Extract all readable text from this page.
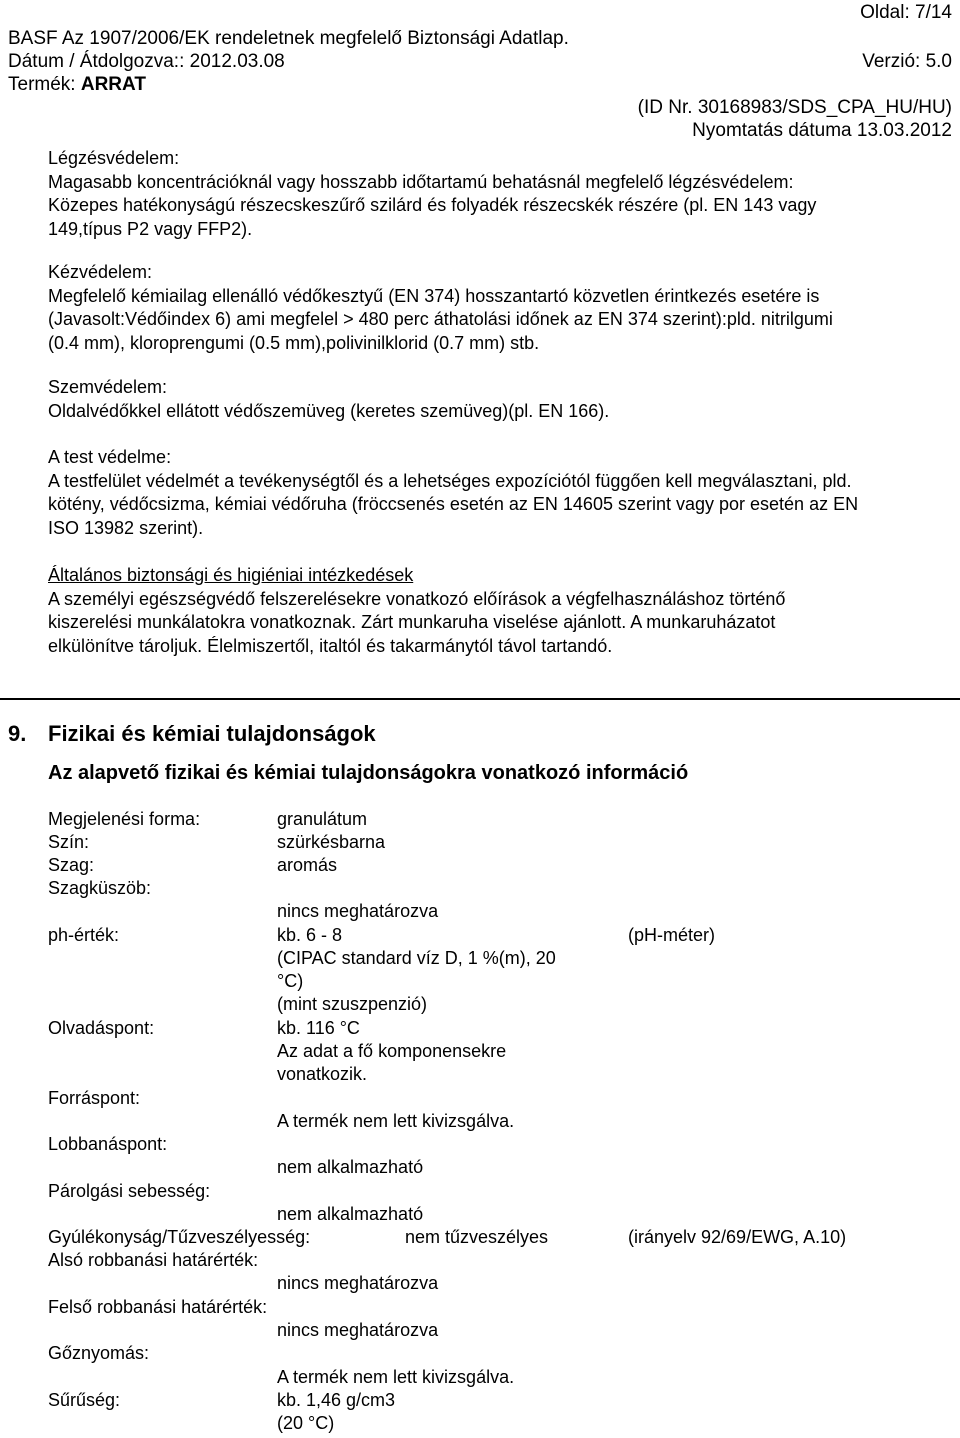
Oldal: 7/14
BASF Az 1907/2006/EK rendeletnek megfelelő Biztonsági Adatlap.
Dátum / Átdolgozva:: 2012.03.08	Verzió: 5.0
Termék: ARRAT
(ID Nr. 30168983/SDS_CPA_HU/HU)
Nyomtatás dátuma 13.03.2012
Légzésvédelem:
Magasabb koncentrációknál vagy hosszabb időtartamú behatásnál megfelelő légzésvédelem:
Közepes hatékonyságú részecskeszűrő szilárd és folyadék részecskék részére (pl. EN 143 vagy
149,típus P2 vagy FFP2).
Kézvédelem:
Megfelelő kémiailag ellenálló védőkesztyű (EN 374) hosszantartó közvetlen érintkezés esetére is
(Javasolt:Védőindex 6) ami megfelel > 480 perc áthatolási időnek az EN 374 szerint):pld. nitrilgumi
(0.4 mm), kloroprengumi (0.5 mm),polivinilklorid (0.7 mm) stb.
Szemvédelem:
Oldalvédőkkel ellátott védőszemüveg (keretes szemüveg)(pl. EN 166).
A test védelme:
A testfelület védelmét a tevékenységtől és a lehetséges expozíciótól függően kell megválasztani, pld.
kötény, védőcsizma, kémiai védőruha (fröccsenés esetén az EN 14605 szerint vagy por esetén az EN
ISO 13982 szerint).
Általános biztonsági és higiéniai intézkedések
A személyi egészségvédő felszerelésekre vonatkozó előírások a végfelhasználáshoz történő
kiszerelési munkálatokra vonatkoznak. Zárt munkaruha viselése ajánlott. A munkaruházatot
elkülönítve tároljuk. Élelmiszertől, italtól és takarmánytól távol tartandó.
9. Fizikai és kémiai tulajdonságok
Az alapvető fizikai és kémiai tulajdonságokra vonatkozó információ
Megjelenési forma:	granulátum
Szín:	szürkésbarna
Szag:	aromás
Szagküszöb:
nincs meghatározva
ph-érték:	kb. 6 - 8	(pH-méter)
(CIPAC standard víz D, 1 %(m), 20
°C)
(mint szuszpenzió)
Olvadáspont:	kb. 116 °C
Az adat a fő komponensekre
vonatkozik.
Forráspont:
A termék nem lett kivizsgálva.
Lobbanáspont:
nem alkalmazható
Párolgási sebesség:
nem alkalmazható
Gyúlékonyság/Tűzveszélyesség:	nem tűzveszélyes	(irányelv 92/69/EWG, A.10)
Alsó robbanási határérték:
nincs meghatározva
Felső robbanási határérték:
nincs meghatározva
Gőznyomás:
A termék nem lett kivizsgálva.
Sűrűség:	kb. 1,46 g/cm3
(20 °C)
